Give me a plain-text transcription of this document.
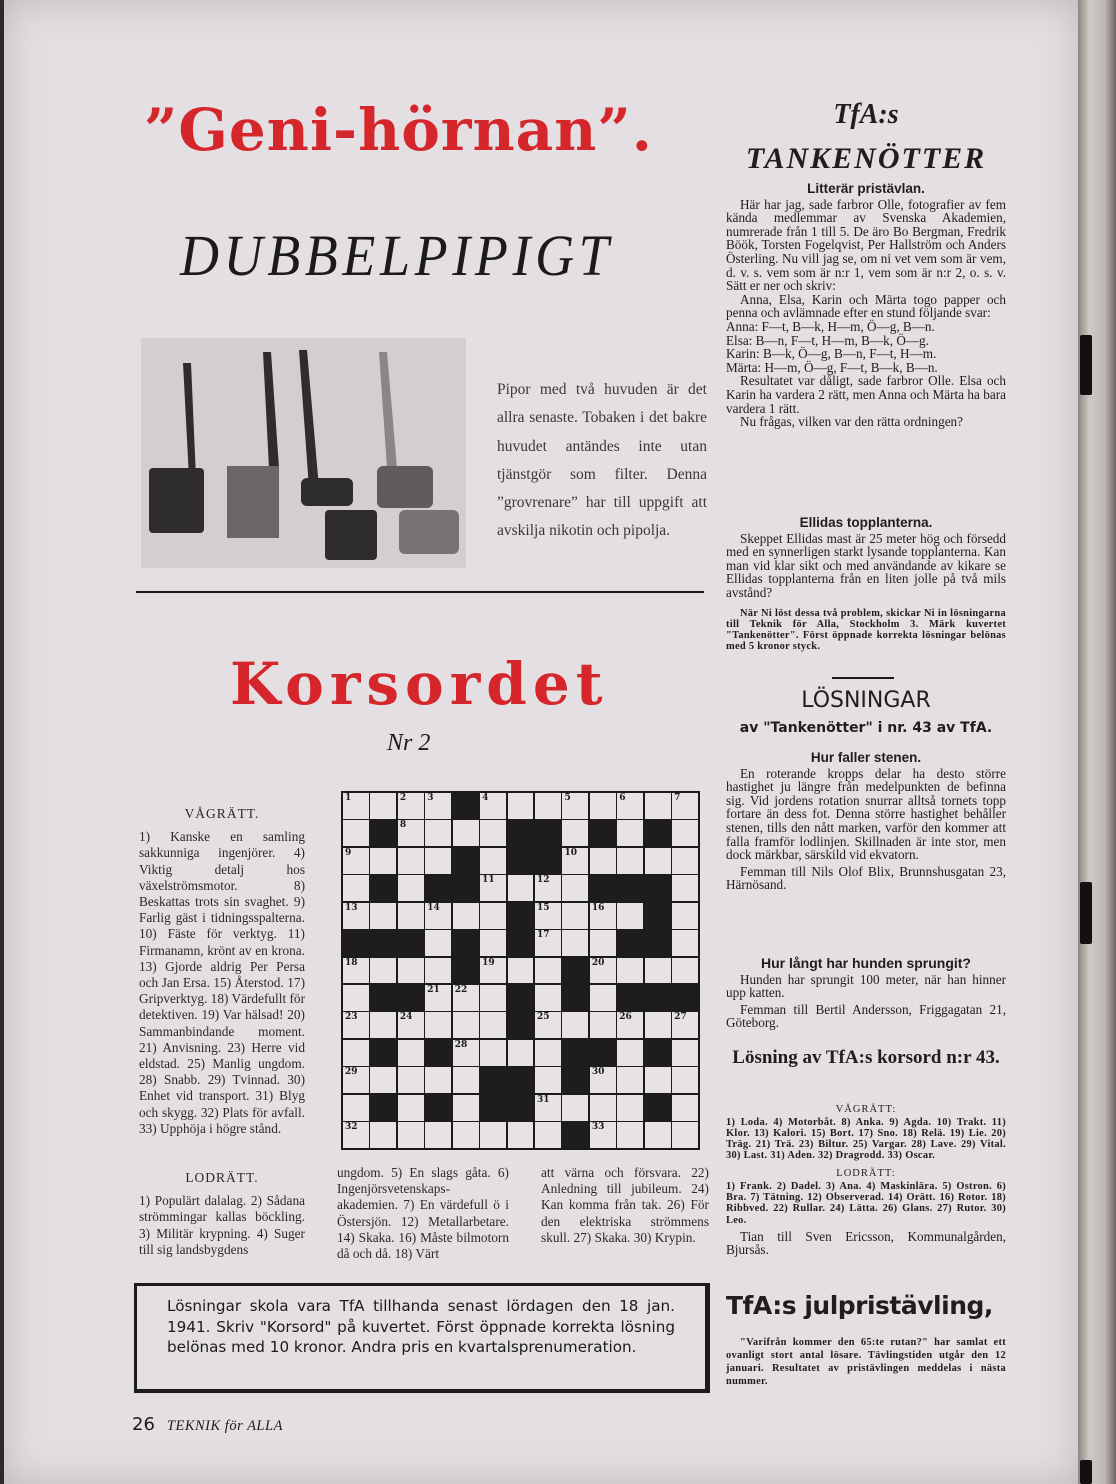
”Geni-hörnan”.
DUBBELPIPIGT
Pipor med två huvuden är det allra senaste. Tobaken i det bakre huvudet antändes inte utan tjänstgör som filter. Denna ”grovrenare” har till uppgift att avskilja nikotin och pipolja.
Korsordet
Nr 2
VÅGRÄTT.

1) Kanske en samling sakkunniga ingenjörer. 4) Viktig detalj hos växelströmsmotor. 8) Beskattas trots sin svaghet. 9) Farlig gäst i tidningsspalterna. 10) Fäste för verktyg. 11) Firmanamn, krönt av en krona. 13) Gjorde aldrig Per Persa och Jan Ersa. 15) Återstod. 17) Gripverktyg. 18) Värdefullt för detektiven. 19) Var hälsad! 20) Sammanbindande moment. 21) Anvisning. 23) Herre vid eldstad. 25) Manlig ungdom. 28) Snabb. 29) Tvinnad. 30) Enhet vid transport. 31) Blyg och skygg. 32) Plats för avfall. 33) Upphöja i högre stånd.

1	2	3	4	5	6	7
8
9	10
11	12
13	14	15	16
17
18	19	20
21	22
23	24	25	26	27
28
29	30
31
32	33
LODRÄTT.

1) Populärt dalalag. 2) Sådana strömmingar kallas böckling. 3) Militär krypning. 4) Suger till sig landsbygdens

ungdom. 5) En slags gåta. 6) Ingenjörsvetenskaps-akademien. 7) En värdefull ö i Östersjön. 12) Metallarbetare. 14) Skaka. 16) Måste bilmotorn då och då. 18) Värt

att värna och försvara. 22) Anledning till jubileum. 24) Kan komma från tak. 26) För den elektriska strömmens skull. 27) Skaka. 30) Krypin.

Lösningar skola vara TfA tillhanda senast lördagen den 18 jan. 1941. Skriv "Korsord" på kuvertet. Först öppnade korrekta lösning belönas med 10 kronor. Andra pris en kvartalsprenumeration.

26 TEKNIK för ALLA
TfA:s
TANKENÖTTER
Litterär pristävlan.

Här har jag, sade farbror Olle, fotografier av fem kända medlemmar av Svenska Akademien, numrerade från 1 till 5. De äro Bo Bergman, Fredrik Böök, Torsten Fogelqvist, Per Hallström och Anders Österling. Nu vill jag se, om ni vet vem som är vem, d. v. s. vem som är n:r 1, vem som är n:r 2, o. s. v. Sätt er ner och skriv:

Anna, Elsa, Karin och Märta togo papper och penna och avlämnade efter en stund följande svar:

Anna: F—t, B—k, H—m, Ö—g, B—n.

Elsa: B—n, F—t, H—m, B—k, Ö—g.

Karin: B—k, Ö—g, B—n, F—t, H—m.

Märta: H—m, Ö—g, F—t, B—k, B—n.

Resultatet var dåligt, sade farbror Olle. Elsa och Karin ha vardera 2 rätt, men Anna och Märta ha bara vardera 1 rätt.

Nu frågas, vilken var den rätta ordningen?

Ellidas topplanterna.

Skeppet Ellidas mast är 25 meter hög och försedd med en synnerligen starkt lysande topplanterna. Kan man vid klar sikt och med användande av kikare se Ellidas topplanterna från en liten jolle på två mils avstånd?

När Ni löst dessa två problem, skickar Ni in lösningarna till Teknik för Alla, Stockholm 3. Märk kuvertet "Tankenötter". Först öppnade korrekta lösningar belönas med 5 kronor styck.

LÖSNINGAR
av "Tankenötter" i nr. 43 av TfA.
Hur faller stenen.

En roterande kropps delar ha desto större hastighet ju längre från medelpunkten de befinna sig. Vid jordens rotation snurrar alltså tornets topp fortare än dess fot. Denna större hastighet behåller stenen, tills den nått marken, varför den kommer att falla framför lodlinjen. Skillnaden är inte stor, men dock märkbar, särskild vid ekvatorn.

Femman till Nils Olof Blix, Brunnshusgatan 23, Härnösand.

Hur långt har hunden sprungit?

Hunden har sprungit 100 meter, när han hinner upp katten.

Femman till Bertil Andersson, Friggagatan 21, Göteborg.

Lösning av TfA:s korsord n:r 43.
VÅGRÄTT:

1) Loda. 4) Motorbåt. 8) Anka. 9) Agda. 10) Trakt. 11) Klor. 13) Kalori. 15) Bort. 17) Sno. 18) Relä. 19) Lie. 20) Träg. 21) Trä. 23) Biltur. 25) Vargar. 28) Lave. 29) Vital. 30) Last. 31) Aden. 32) Dragrodd. 33) Oscar.

LODRÄTT:

1) Frank. 2) Dadel. 3) Ana. 4) Maskinlära. 5) Ostron. 6) Bra. 7) Tätning. 12) Observerad. 14) Orätt. 16) Rotor. 18) Ribbved. 22) Rullar. 24) Lätta. 26) Glans. 27) Rutor. 30) Leo.

Tian till Sven Ericsson, Kommunalgården, Bjursås.

TfA:s julpristävling,

"Varifrån kommer den 65:te rutan?" har samlat ett ovanligt stort antal lösare. Tävlingstiden utgår den 12 januari. Resultatet av pristävlingen meddelas i nästa nummer.
